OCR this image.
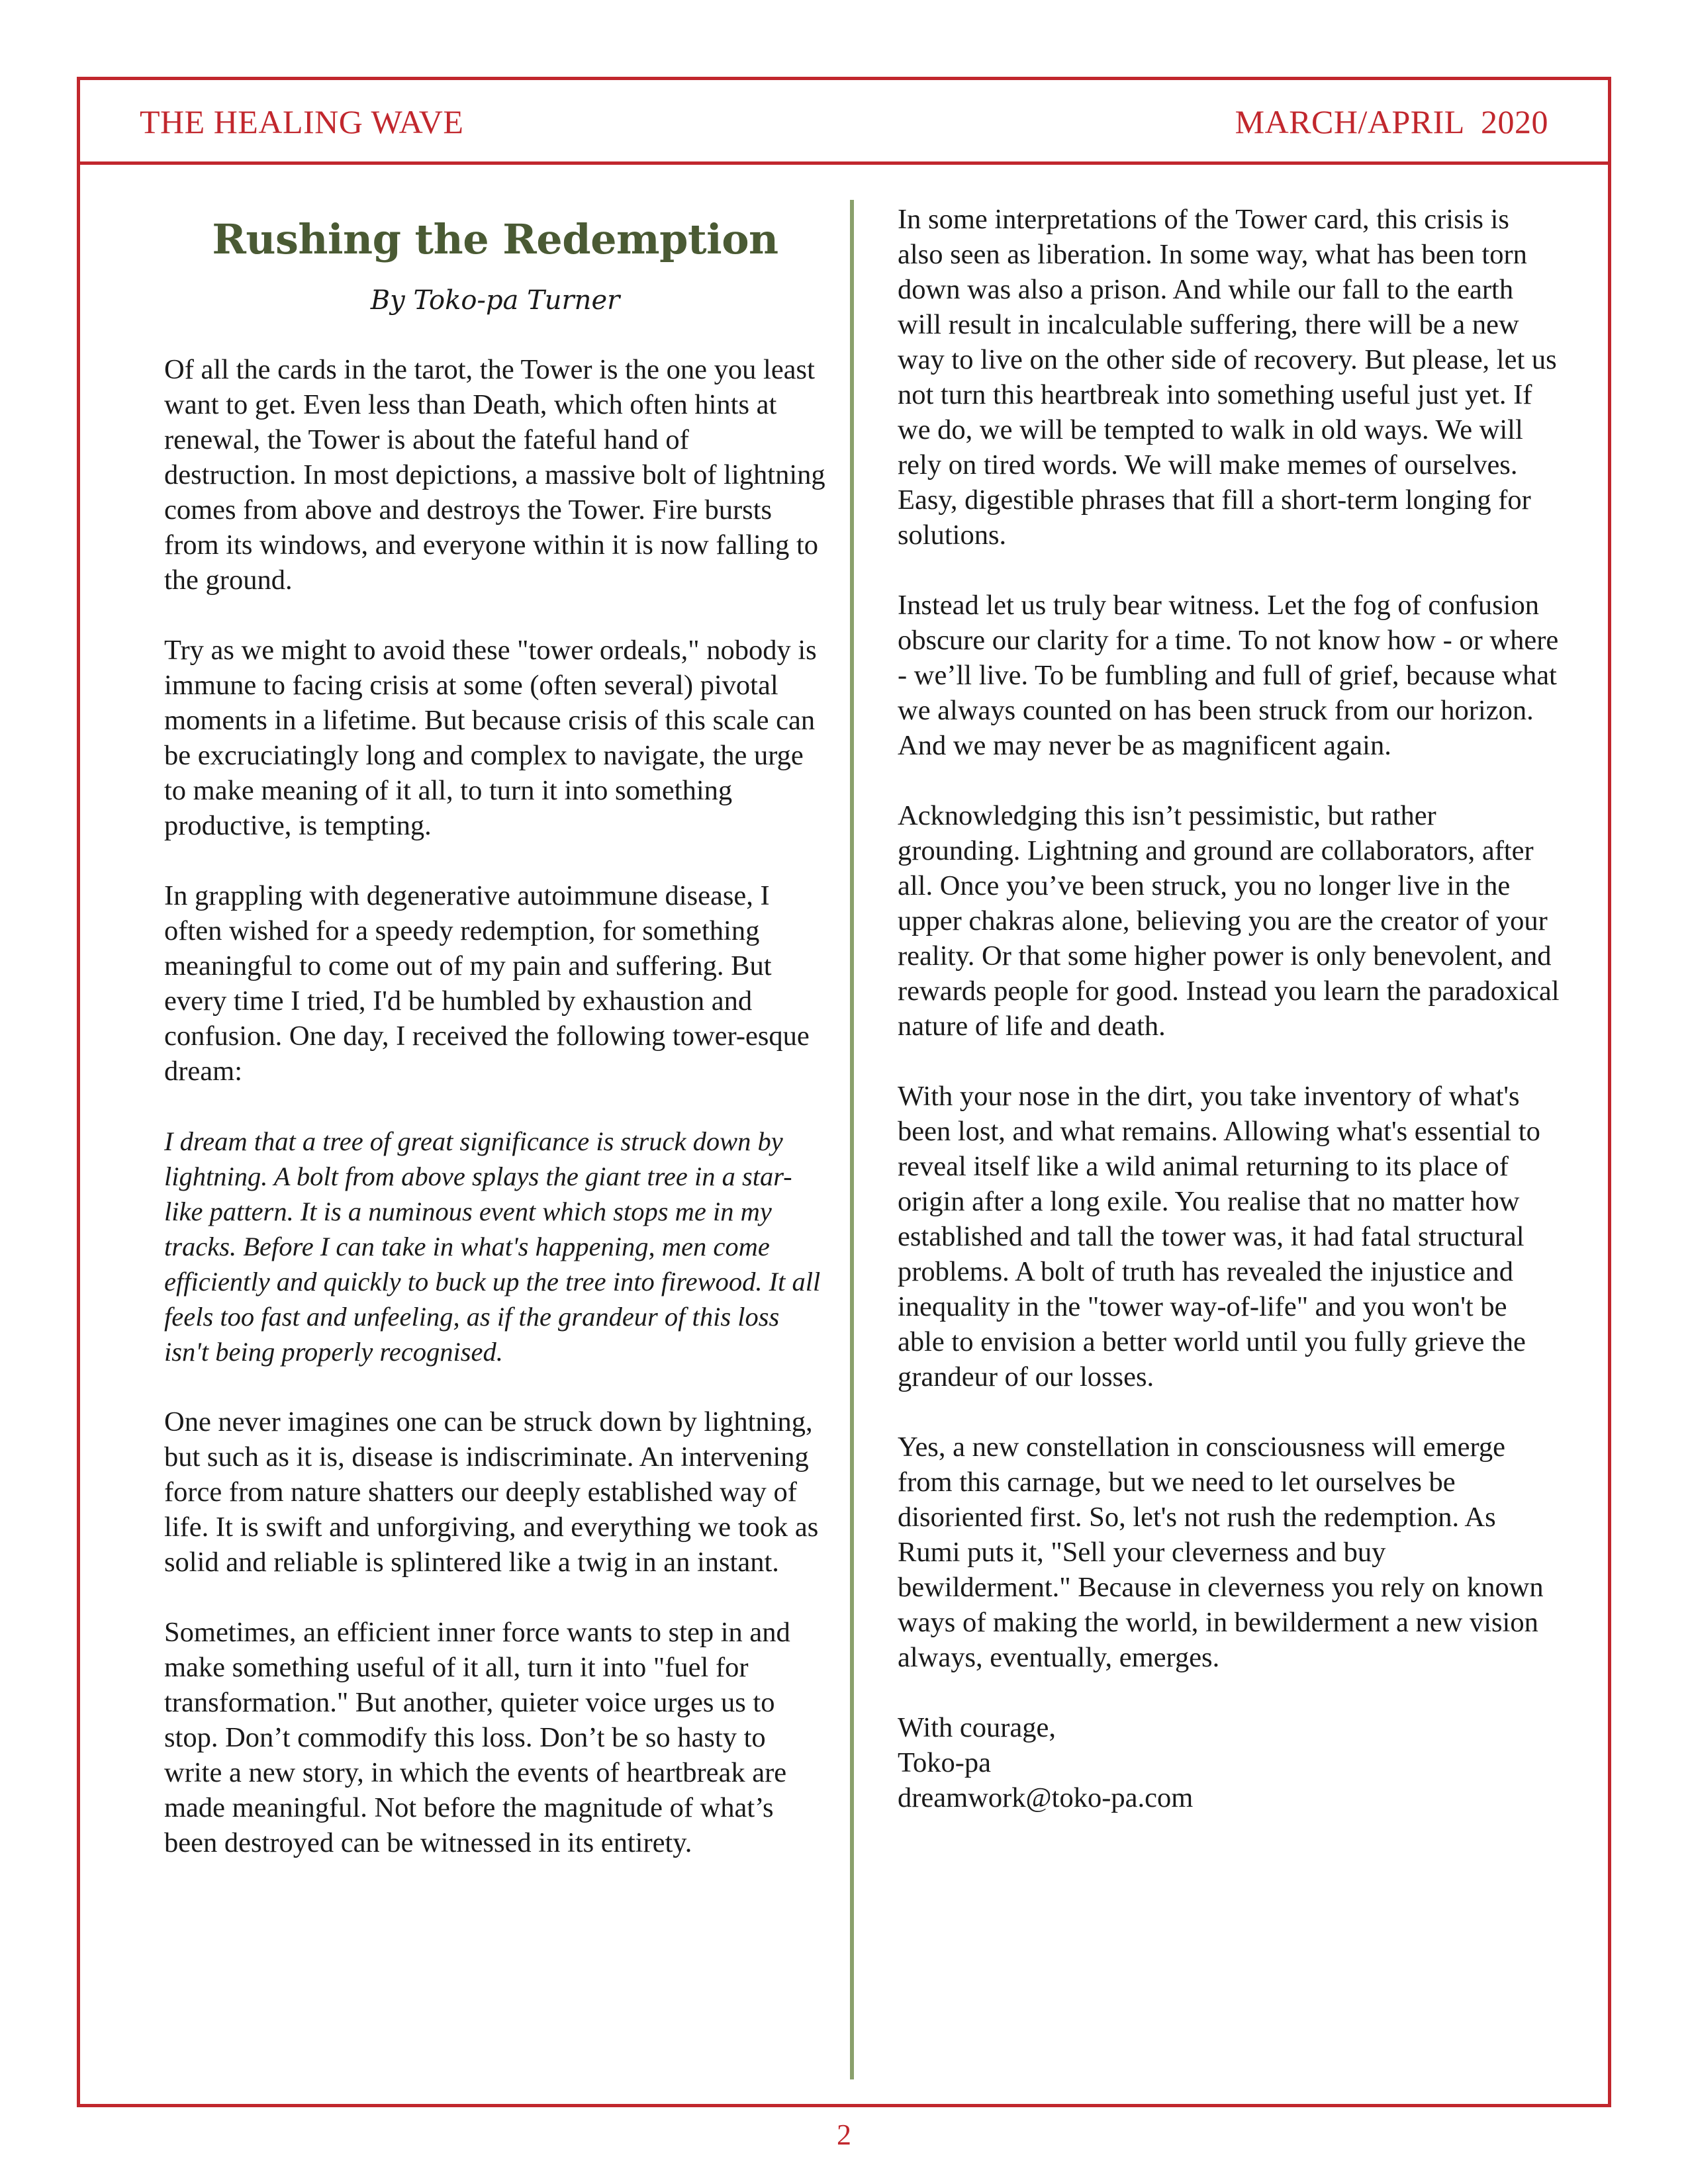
THE HEALING WAVE	MARCH/APRIL  2020
Rushing the Redemption
By Toko-pa Turner

Of all the cards in the tarot, the Tower is the one you least want to get. Even less than Death, which often hints at renewal, the Tower is about the fateful hand of destruction. In most depictions, a massive bolt of lightning comes from above and destroys the Tower. Fire bursts from its windows, and everyone within it is now falling to the ground.

Try as we might to avoid these "tower ordeals," nobody is immune to facing crisis at some (often several) pivotal moments in a lifetime. But because crisis of this scale can be excruciatingly long and complex to navigate, the urge to make meaning of it all, to turn it into something productive, is tempting.

In grappling with degenerative autoimmune disease, I often wished for a speedy redemption, for something meaningful to come out of my pain and suffering. But every time I tried, I'd be humbled by exhaustion and confusion. One day, I received the following tower-esque dream:

I dream that a tree of great significance is struck down by lightning. A bolt from above splays the giant tree in a star-like pattern. It is a numinous event which stops me in my tracks. Before I can take in what's happening, men come efficiently and quickly to buck up the tree into firewood. It all feels too fast and unfeeling, as if the grandeur of this loss isn't being properly recognised.

One never imagines one can be struck down by lightning, but such as it is, disease is indiscriminate. An intervening force from nature shatters our deeply established way of life. It is swift and unforgiving, and everything we took as solid and reliable is splintered like a twig in an instant.

Sometimes, an efficient inner force wants to step in and make something useful of it all, turn it into "fuel for transformation." But another, quieter voice urges us to stop. Don’t commodify this loss. Don’t be so hasty to write a new story, in which the events of heartbreak are made meaningful. Not before the magnitude of what’s been destroyed can be witnessed in its entirety.

In some interpretations of the Tower card, this crisis is also seen as liberation. In some way, what has been torn down was also a prison. And while our fall to the earth will result in incalculable suffering, there will be a new way to live on the other side of recovery. But please, let us not turn this heartbreak into something useful just yet. If we do, we will be tempted to walk in old ways. We will rely on tired words. We will make memes of ourselves. Easy, digestible phrases that fill a short-term longing for solutions.

Instead let us truly bear witness. Let the fog of confusion obscure our clarity for a time. To not know how - or where - we’ll live. To be fumbling and full of grief, because what we always counted on has been struck from our horizon. And we may never be as magnificent again.

Acknowledging this isn’t pessimistic, but rather grounding. Lightning and ground are collaborators, after all. Once you’ve been struck, you no longer live in the upper chakras alone, believing you are the creator of your reality. Or that some higher power is only benevolent, and rewards people for good. Instead you learn the paradoxical nature of life and death.

With your nose in the dirt, you take inventory of what's been lost, and what remains. Allowing what's essential to reveal itself like a wild animal returning to its place of origin after a long exile. You realise that no matter how established and tall the tower was, it had fatal structural problems. A bolt of truth has revealed the injustice and inequality in the "tower way-of-life" and you won't be able to envision a better world until you fully grieve the grandeur of our losses.

Yes, a new constellation in consciousness will emerge from this carnage, but we need to let ourselves be disoriented first. So, let's not rush the redemption. As Rumi puts it, "Sell your cleverness and buy bewilderment." Because in cleverness you rely on known ways of making the world, in bewilderment a new vision always, eventually, emerges.

With courage,
Toko-pa
dreamwork@toko-pa.com
2
